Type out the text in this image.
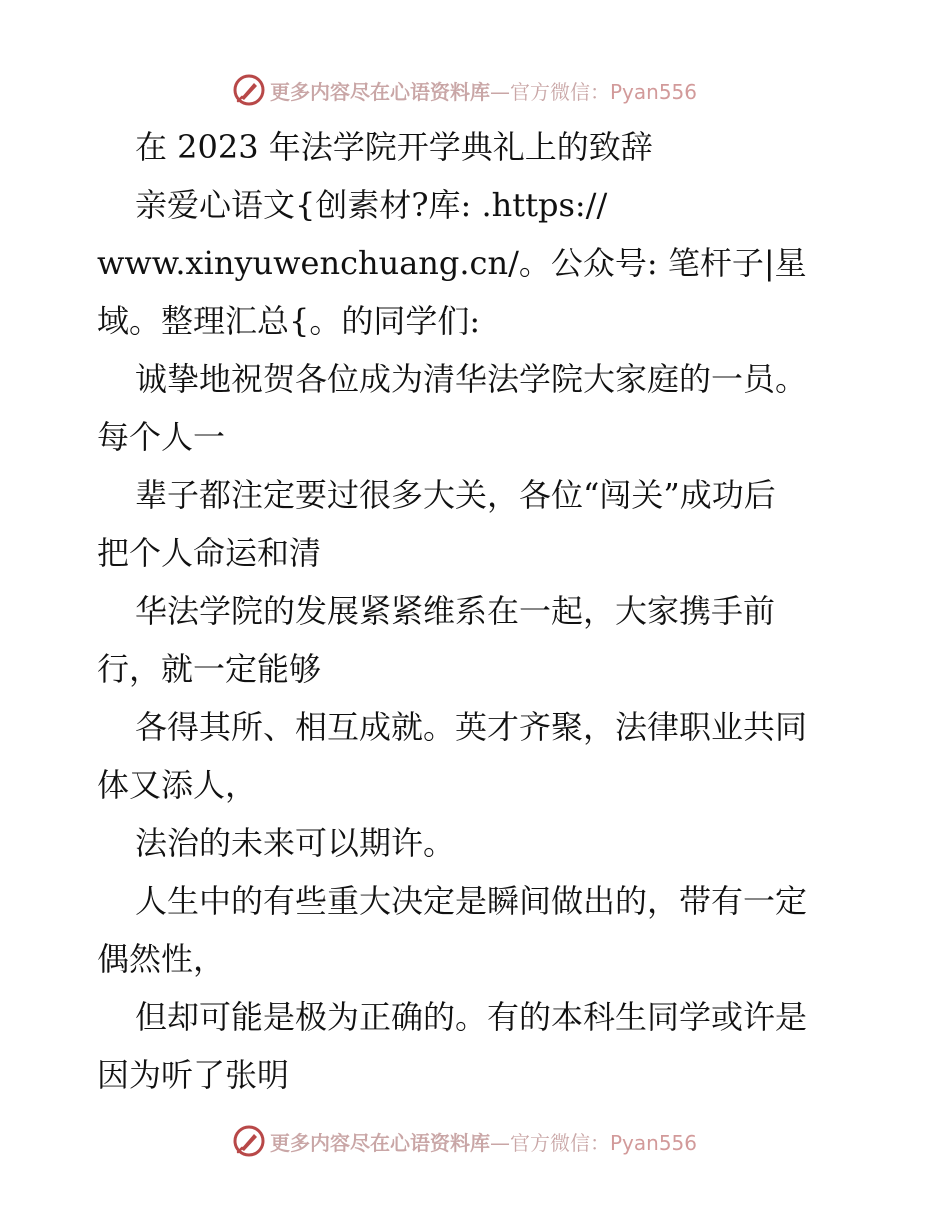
更多内容尽在心语资料库—官方微信：Pyan556
在 2023 年法学院开学典礼上的致辞
亲爱心语文{创素材?库: .https://
www.xinyuwenchuang.cn/。公众号: 笔杆子|星
域。整理汇总{。的同学们:
诚挚地祝贺各位成为清华法学院大家庭的一员。
每个人一
辈子都注定要过很多大关，各位“闯关”成功后
把个人命运和清
华法学院的发展紧紧维系在一起，大家携手前
行，就一定能够
各得其所、相互成就。英才齐聚，法律职业共同
体又添人，
法治的未来可以期许。
人生中的有些重大决定是瞬间做出的，带有一定
偶然性，
但却可能是极为正确的。有的本科生同学或许是
因为听了张明
更多内容尽在心语资料库—官方微信：Pyan556
